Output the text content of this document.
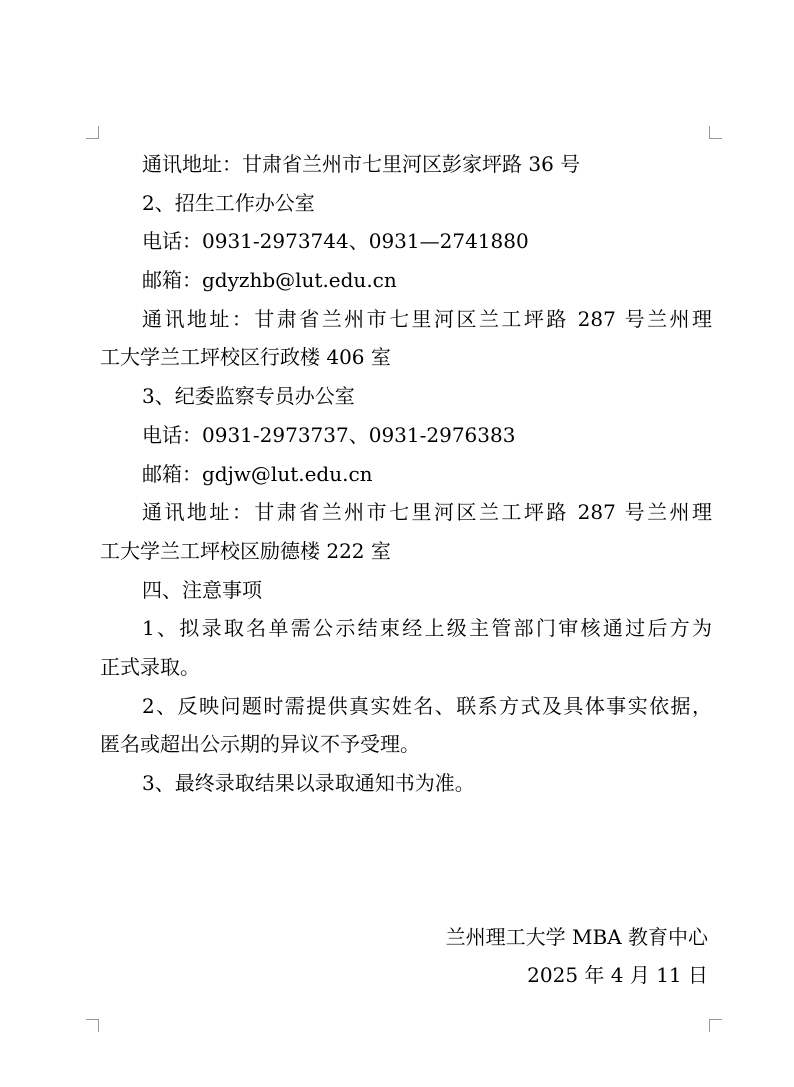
通讯地址：甘肃省兰州市七里河区彭家坪路 36 号
2、招生工作办公室
电话：0931-2973744、0931—2741880
邮箱：gdyzhb@lut.edu.cn
通讯地址：甘肃省兰州市七里河区兰工坪路 287 号兰州理
工大学兰工坪校区行政楼 406 室
3、纪委监察专员办公室
电话：0931-2973737、0931-2976383
邮箱：gdjw@lut.edu.cn
通讯地址：甘肃省兰州市七里河区兰工坪路 287 号兰州理
工大学兰工坪校区励德楼 222 室
四、注意事项
1、拟录取名单需公示结束经上级主管部门审核通过后方为
正式录取。
2、反映问题时需提供真实姓名、联系方式及具体事实依据，
匿名或超出公示期的异议不予受理。
3、最终录取结果以录取通知书为准。
兰州理工大学 MBA 教育中心
2025 年 4 月 11 日
